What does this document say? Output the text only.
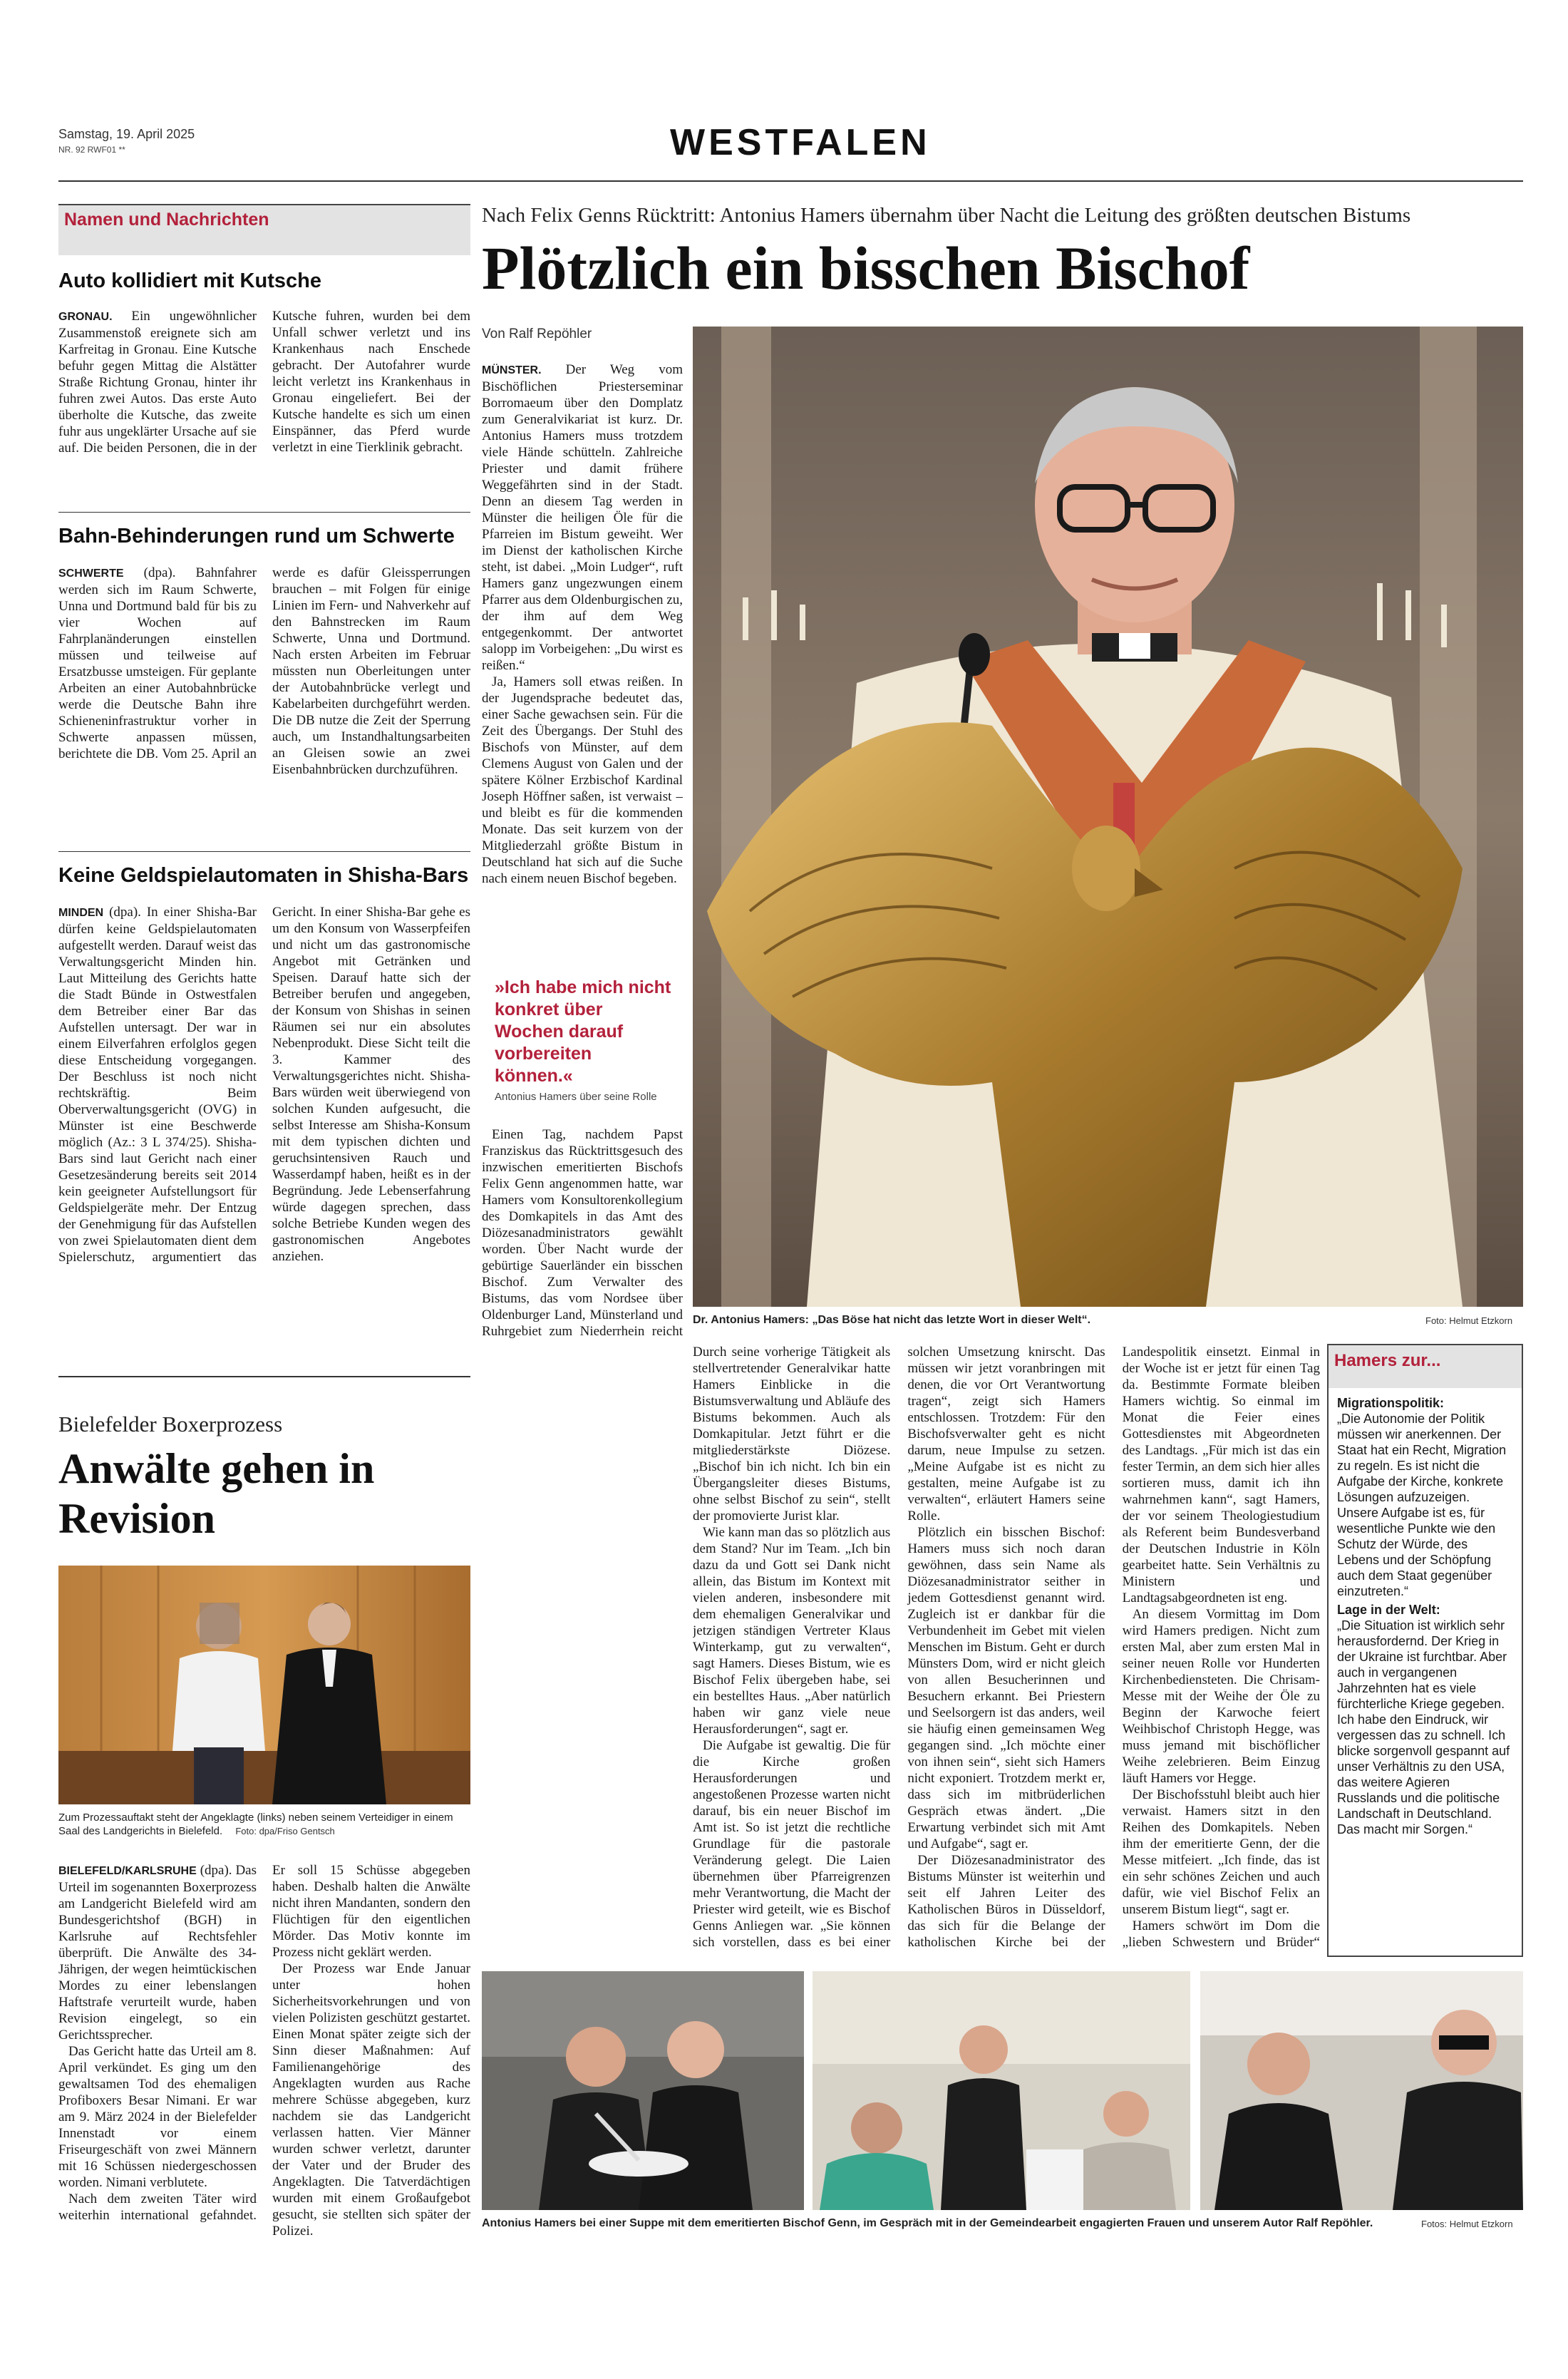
Samstag, 19. April 2025
NR. 92 RWF01 **	WESTFALEN
Namen und Nachrichten
Auto kollidiert mit Kutsche

GRONAU. Ein ungewöhnlicher Zusammenstoß ereignete sich am Karfreitag in Gronau. Eine Kutsche befuhr gegen Mittag die Alstätter Straße Richtung Gronau, hinter ihr fuhren zwei Autos. Das erste Auto überholte die Kutsche, das zweite fuhr aus ungeklärter Ursache auf sie auf. Die beiden Personen, die in der Kutsche fuhren, wurden bei dem Unfall schwer verletzt und ins Krankenhaus nach Enschede gebracht. Der Autofahrer wurde leicht verletzt ins Krankenhaus in Gronau eingeliefert. Bei der Kutsche handelte es sich um einen Einspänner, das Pferd wurde verletzt in eine Tierklinik gebracht.

Bahn-Behinderungen rund um Schwerte

SCHWERTE (dpa). Bahnfahrer werden sich im Raum Schwerte, Unna und Dortmund bald für bis zu vier Wochen auf Fahrplanänderungen einstellen müssen und teilweise auf Ersatzbusse umsteigen. Für geplante Arbeiten an einer Autobahnbrücke werde die Deutsche Bahn ihre Schieneninfrastruktur vorher in Schwerte anpassen müssen, berichtete die DB. Vom 25. April an werde es dafür Gleissperrungen brauchen – mit Folgen für einige Linien im Fern- und Nahverkehr auf den Bahnstrecken im Raum Schwerte, Unna und Dortmund. Nach ersten Arbeiten im Februar müssten nun Oberleitungen unter der Autobahnbrücke verlegt und Kabelarbeiten durchgeführt werden. Die DB nutze die Zeit der Sperrung auch, um Instandhaltungsarbeiten an Gleisen sowie an zwei Eisenbahnbrücken durchzuführen.

Keine Geldspielautomaten in Shisha-Bars

MINDEN (dpa). In einer Shisha-Bar dürfen keine Geldspielautomaten aufgestellt werden. Darauf weist das Verwaltungsgericht Minden hin. Laut Mitteilung des Gerichts hatte die Stadt Bünde in Ostwestfalen dem Betreiber einer Bar das Aufstellen untersagt. Der war in einem Eilverfahren erfolglos gegen diese Entscheidung vorgegangen. Der Beschluss ist noch nicht rechtskräftig. Beim Oberverwaltungsgericht (OVG) in Münster ist eine Beschwerde möglich (Az.: 3 L 374/25). Shisha-Bars sind laut Gericht nach einer Gesetzesänderung bereits seit 2014 kein geeigneter Aufstellungsort für Geldspielgeräte mehr. Der Entzug der Genehmigung für das Aufstellen von zwei Spielautomaten dient dem Spielerschutz, argumentiert das Gericht. In einer Shisha-Bar gehe es um den Konsum von Wasserpfeifen und nicht um das gastronomische Angebot mit Getränken und Speisen. Darauf hatte sich der Betreiber berufen und angegeben, der Konsum von Shishas in seinen Räumen sei nur ein absolutes Nebenprodukt. Diese Sicht teilt die 3. Kammer des Verwaltungsgerichtes nicht. Shisha-Bars würden weit überwiegend von solchen Kunden aufgesucht, die selbst Interesse am Shisha-Konsum mit dem typischen dichten und geruchsintensiven Rauch und Wasserdampf haben, heißt es in der Begründung. Jede Lebenserfahrung würde dagegen sprechen, dass solche Betriebe Kunden wegen des gastronomischen Angebotes anziehen.

Bielefelder Boxerprozess
Anwälte gehen in Revision
Zum Prozessauftakt steht der Angeklagte (links) neben seinem Verteidiger in einem Saal des Landgerichts in Bielefeld. Foto: dpa/Friso Gentsch

BIELEFELD/KARLSRUHE (dpa). Das Urteil im sogenannten Boxerprozess am Landgericht Bielefeld wird am Bundesgerichtshof (BGH) in Karlsruhe auf Rechtsfehler überprüft. Die Anwälte des 34-Jährigen, der wegen heimtückischen Mordes zu einer lebenslangen Haftstrafe verurteilt wurde, haben Revision eingelegt, so ein Gerichtssprecher.

Das Gericht hatte das Urteil am 8. April verkündet. Es ging um den gewaltsamen Tod des ehemaligen Profiboxers Besar Nimani. Er war am 9. März 2024 in der Bielefelder Innenstadt vor einem Friseurgeschäft von zwei Männern mit 16 Schüssen niedergeschossen worden. Nimani verblutete.

Nach dem zweiten Täter wird weiterhin international gefahndet. Er soll 15 Schüsse abgegeben haben. Deshalb halten die Anwälte nicht ihren Mandanten, sondern den Flüchtigen für den eigentlichen Mörder. Das Motiv konnte im Prozess nicht geklärt werden.

Der Prozess war Ende Januar unter hohen Sicherheitsvorkehrungen und von vielen Polizisten geschützt gestartet. Einen Monat später zeigte sich der Sinn dieser Maßnahmen: Auf Familienangehörige des Angeklagten wurden aus Rache mehrere Schüsse abgegeben, kurz nachdem sie das Landgericht verlassen hatten. Vier Männer wurden schwer verletzt, darunter der Vater und der Bruder des Angeklagten. Die Tatverdächtigen wurden mit einem Großaufgebot gesucht, sie stellten sich später der Polizei.

Nach Felix Genns Rücktritt: Antonius Hamers übernahm über Nacht die Leitung des größten deutschen Bistums
Plötzlich ein bisschen Bischof
Von Ralf Repöhler

MÜNSTER. Der Weg vom Bischöflichen Priesterseminar Borromaeum über den Domplatz zum Generalvikariat ist kurz. Dr. Antonius Hamers muss trotzdem viele Hände schütteln. Zahlreiche Priester und damit frühere Weggefährten sind in der Stadt. Denn an diesem Tag werden in Münster die heiligen Öle für die Pfarreien im Bistum geweiht. Wer im Dienst der katholischen Kirche steht, ist dabei. „Moin Ludger“, ruft Hamers ganz ungezwungen einem Pfarrer aus dem Oldenburgischen zu, der ihm auf dem Weg entgegenkommt. Der antwortet salopp im Vorbeigehen: „Du wirst es reißen.“

Ja, Hamers soll etwas reißen. In der Jugendsprache bedeutet das, einer Sache gewachsen sein. Für die Zeit des Übergangs. Der Stuhl des Bischofs von Münster, auf dem Clemens August von Galen und der spätere Kölner Erzbischof Kardinal Joseph Höffner saßen, ist verwaist – und bleibt es für die kommenden Monate. Das seit kurzem von der Mitgliederzahl größte Bistum in Deutschland hat sich auf die Suche nach einem neuen Bischof begeben.

»Ich habe mich nicht konkret über Wochen darauf vorbereiten können.«
Antonius Hamers über seine Rolle

Einen Tag, nachdem Papst Franziskus das Rücktrittsgesuch des inzwischen emeritierten Bischofs Felix Genn angenommen hatte, war Hamers vom Konsultorenkollegium des Domkapitels in das Amt des Diözesanadministrators gewählt worden. Über Nacht wurde der gebürtige Sauerländer ein bisschen Bischof. Zum Verwalter des Bistums, das vom Nordsee über Oldenburger Land, Münsterland und Ruhrgebiet zum Niederrhein reicht

Dr. Antonius Hamers: „Das Böse hat nicht das letzte Wort in dieser Welt“.	Foto: Helmut Etzkorn

Durch seine vorherige Tätigkeit als stellvertretender Generalvikar hatte Hamers Einblicke in die Bistumsverwaltung und Abläufe des Bistums bekommen. Auch als Domkapitular. Jetzt führt er die mitgliederstärkste Diözese. „Bischof bin ich nicht. Ich bin ein Übergangsleiter dieses Bistums, ohne selbst Bischof zu sein“, stellt der promovierte Jurist klar.

Wie kann man das so plötzlich aus dem Stand? Nur im Team. „Ich bin dazu da und Gott sei Dank nicht allein, das Bistum im Kontext mit vielen anderen, insbesondere mit dem ehemaligen Generalvikar und jetzigen ständigen Vertreter Klaus Winterkamp, gut zu verwalten“, sagt Hamers. Dieses Bistum, wie es Bischof Felix übergeben habe, sei ein bestelltes Haus. „Aber natürlich haben wir ganz viele neue Herausforderungen“, sagt er.

Die Aufgabe ist gewaltig. Die für die Kirche großen Herausforderungen und angestoßenen Prozesse warten nicht darauf, bis ein neuer Bischof im Amt ist. So ist jetzt die rechtliche Grundlage für die pastorale Veränderung gelegt. Die Laien übernehmen über Pfarreigrenzen mehr Verantwortung, die Macht der Priester wird geteilt, wie es Bischof Genns Anliegen war. „Sie können sich vorstellen, dass es bei einer solchen Umsetzung knirscht. Das müssen wir jetzt voranbringen mit denen, die vor Ort Verantwortung tragen“, zeigt sich Hamers entschlossen. Trotzdem: Für den Bischofsverwalter geht es nicht darum, neue Impulse zu setzen. „Meine Aufgabe ist es nicht zu gestalten, meine Aufgabe ist zu verwalten“, erläutert Hamers seine Rolle.

Plötzlich ein bisschen Bischof: Hamers muss sich noch daran gewöhnen, dass sein Name als Diözesanadministrator seither in jedem Gottesdienst genannt wird. Zugleich ist er dankbar für die Verbundenheit im Gebet mit vielen Menschen im Bistum. Geht er durch Münsters Dom, wird er nicht gleich von allen Besucherinnen und Besuchern erkannt. Bei Priestern und Seelsorgern ist das anders, weil sie häufig einen gemeinsamen Weg gegangen sind. „Ich möchte einer von ihnen sein“, sieht sich Hamers nicht exponiert. Trotzdem merkt er, dass sich im mitbrüderlichen Gespräch etwas ändert. „Die Erwartung verbindet sich mit Amt und Aufgabe“, sagt er.

Der Diözesanadministrator des Bistums Münster ist weiterhin und seit elf Jahren Leiter des Katholischen Büros in Düsseldorf, das sich für die Belange der katholischen Kirche bei der Landespolitik einsetzt. Einmal in der Woche ist er jetzt für einen Tag da. Bestimmte Formate bleiben Hamers wichtig. So einmal im Monat die Feier eines Gottesdienstes mit Abgeordneten des Landtags. „Für mich ist das ein fester Termin, an dem sich hier alles sortieren muss, damit ich ihn wahrnehmen kann“, sagt Hamers, der vor seinem Theologiestudium als Referent beim Bundesverband der Deutschen Industrie in Köln gearbeitet hatte. Sein Verhältnis zu Ministern und Landtagsabgeordneten ist eng.

An diesem Vormittag im Dom wird Hamers predigen. Nicht zum ersten Mal, aber zum ersten Mal in seiner neuen Rolle vor Hunderten Kirchenbediensteten. Die Chrisam-Messe mit der Weihe der Öle zu Beginn der Karwoche feiert Weihbischof Christoph Hegge, was muss jemand mit bischöflicher Weihe zelebrieren. Beim Einzug läuft Hamers vor Hegge.

Der Bischofsstuhl bleibt auch hier verwaist. Hamers sitzt in den Reihen des Domkapitels. Neben ihm der emeritierte Genn, der die Messe mitfeiert. „Ich finde, das ist ein sehr schönes Zeichen und auch dafür, wie viel Bischof Felix an unserem Bistum liegt“, sagt er.

Hamers schwört im Dom die „lieben Schwestern und Brüder“

Hamers zur...
Migrationspolitik:
„Die Autonomie der Politik müssen wir anerkennen. Der Staat hat ein Recht, Migration zu regeln. Es ist nicht die Aufgabe der Kirche, konkrete Lösungen aufzuzeigen. Unsere Aufgabe ist es, für wesentliche Punkte wie den Schutz der Würde, des Lebens und der Schöpfung auch dem Staat gegenüber einzutreten.“
Lage in der Welt:
„Die Situation ist wirklich sehr herausfordernd. Der Krieg in der Ukraine ist furchtbar. Aber auch in vergangenen Jahrzehnten hat es viele fürchterliche Kriege gegeben. Ich habe den Eindruck, wir vergessen das zu schnell. Ich blicke sorgenvoll gespannt auf unser Verhältnis zu den USA, das weitere Agieren Russlands und die politische Landschaft in Deutschland. Das macht mir Sorgen.“
Antonius Hamers bei einer Suppe mit dem emeritierten Bischof Genn, im Gespräch mit in der Gemeindearbeit engagierten Frauen und unserem Autor Ralf Repöhler.	Fotos: Helmut Etzkorn
